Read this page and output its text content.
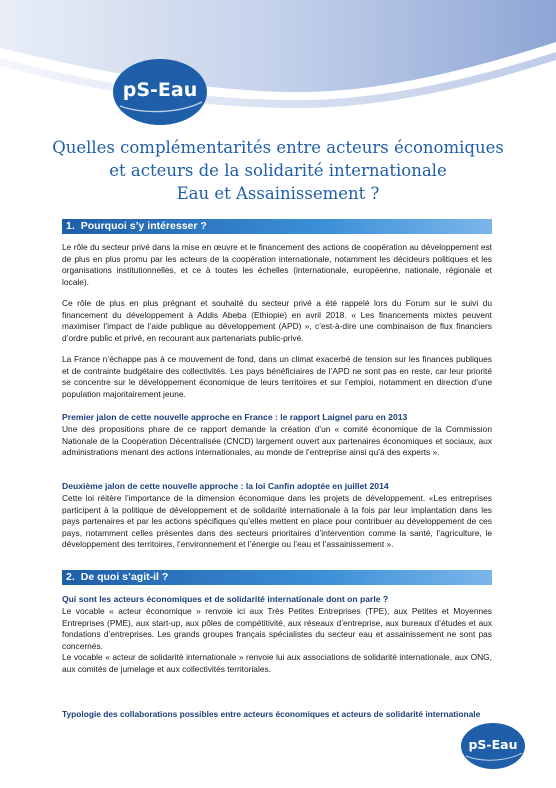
pS-Eau
Quelles complémentarités entre acteurs économiques
et acteurs de la solidarité internationale
Eau et Assainissement ?
1. Pourquoi s’y intéresser ?
Le rôle du secteur privé dans la mise en œuvre et le financement des actions de coopération au développement est de plus en plus promu par les acteurs de la coopération internationale, notamment les décideurs politiques et les organisations institutionnelles, et ce à toutes les échelles (internationale, européenne, nationale, régionale et locale).
Ce rôle de plus en plus prégnant et souhaité du secteur privé a été rappelé lors du Forum sur le suivi du financement du développement à Addis Abeba (Ethiopie) en avril 2018. « Les financements mixtes peuvent maximiser l’impact de l’aide publique au développement (APD) », c’est-à-dire une combinaison de flux financiers d’ordre public et privé, en recourant aux partenariats public-privé.
La France n’échappe pas à ce mouvement de fond, dans un climat exacerbé de tension sur les finances publiques et de contrainte budgétaire des collectivités. Les pays bénéficiaires de l’APD ne sont pas en reste, car leur priorité se concentre sur le développement économique de leurs territoires et sur l’emploi, notamment en direction d’une population majoritairement jeune.
Premier jalon de cette nouvelle approche en France : le rapport Laignel paru en 2013
Une des propositions phare de ce rapport demande la création d’un « comité économique de la Commission Nationale de la Coopération Décentralisée (CNCD) largement ouvert aux partenaires économiques et sociaux, aux administrations menant des actions internationales, au monde de l’entreprise ainsi qu’à des experts ».
Deuxième jalon de cette nouvelle approche : la loi Canfin adoptée en juillet 2014
Cette loi réitère l’importance de la dimension économique dans les projets de développement. «Les entreprises participent à la politique de développement et de solidarité internationale à la fois par leur implantation dans les pays partenaires et par les actions spécifiques qu’elles mettent en place pour contribuer au développement de ces pays, notamment celles présentes dans des secteurs prioritaires d’intervention comme la santé, l’agriculture, le développement des territoires, l’environnement et l’énergie ou l’eau et l’assainissement ».
2. De quoi s’agit-il ?
Qui sont les acteurs économiques et de solidarité internationale dont on parle ?
Le vocable « acteur économique » renvoie ici aux Très Petites Entreprises (TPE), aux Petites et Moyennes Entreprises (PME), aux start-up, aux pôles de compétitivité, aux réseaux d’entreprise, aux bureaux d’études et aux fondations d’entreprises. Les grands groupes français spécialistes du secteur eau et assainissement ne sont pas concernés.
Le vocable « acteur de solidarité internationale » renvoie lui aux associations de solidarité internationale, aux ONG, aux comités de jumelage et aux collectivités territoriales.
Typologie des collaborations possibles entre acteurs économiques et acteurs de solidarité internationale
pS-Eau
